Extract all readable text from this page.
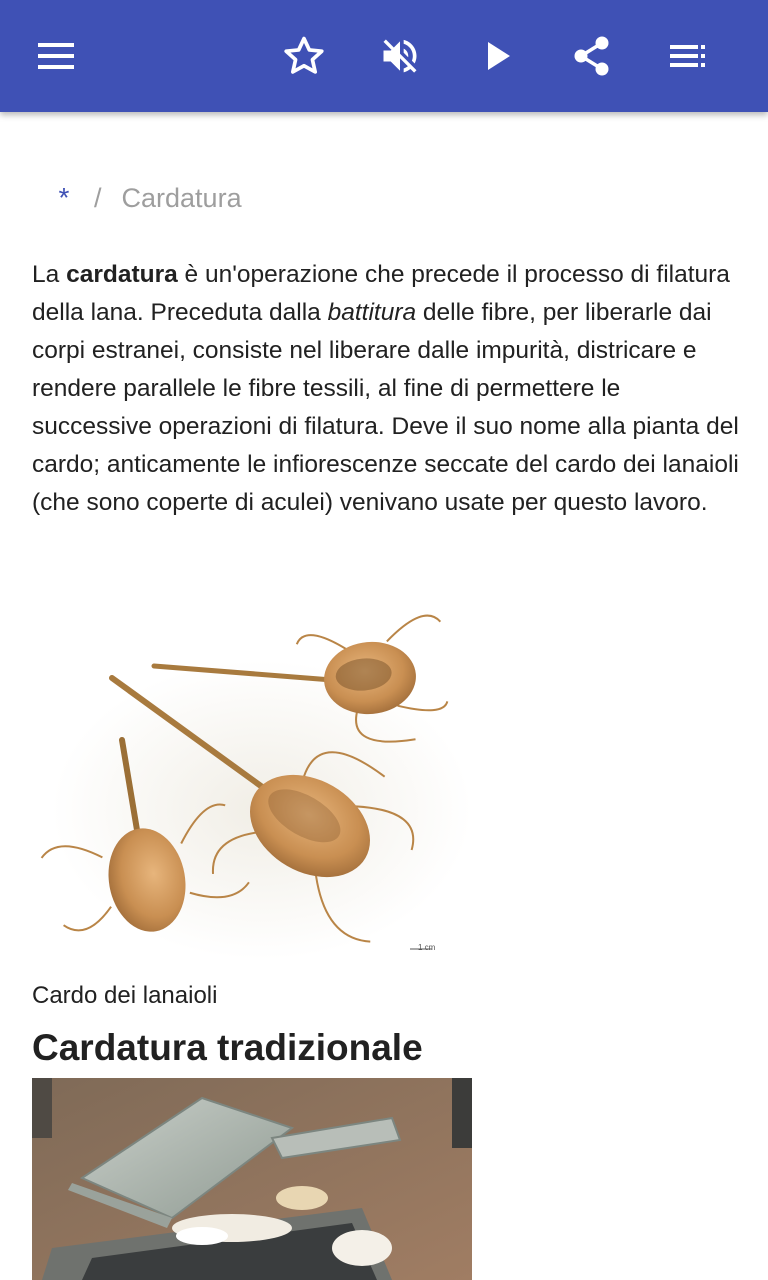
* / Cardatura

La cardatura è un'operazione che precede il processo di filatura della lana. Preceduta dalla battitura delle fibre, per liberarle dai corpi estranei, consiste nel liberare dalle impurità, districare e rendere parallele le fibre tessili, al fine di permettere le successive operazioni di filatura. Deve il suo nome alla pianta del cardo; anticamente le infiorescenze seccate del cardo dei lanaioli (che sono coperte di aculei) venivano usate per questo lavoro.

1 cm
Cardo dei lanaioli
Cardatura tradizionale
